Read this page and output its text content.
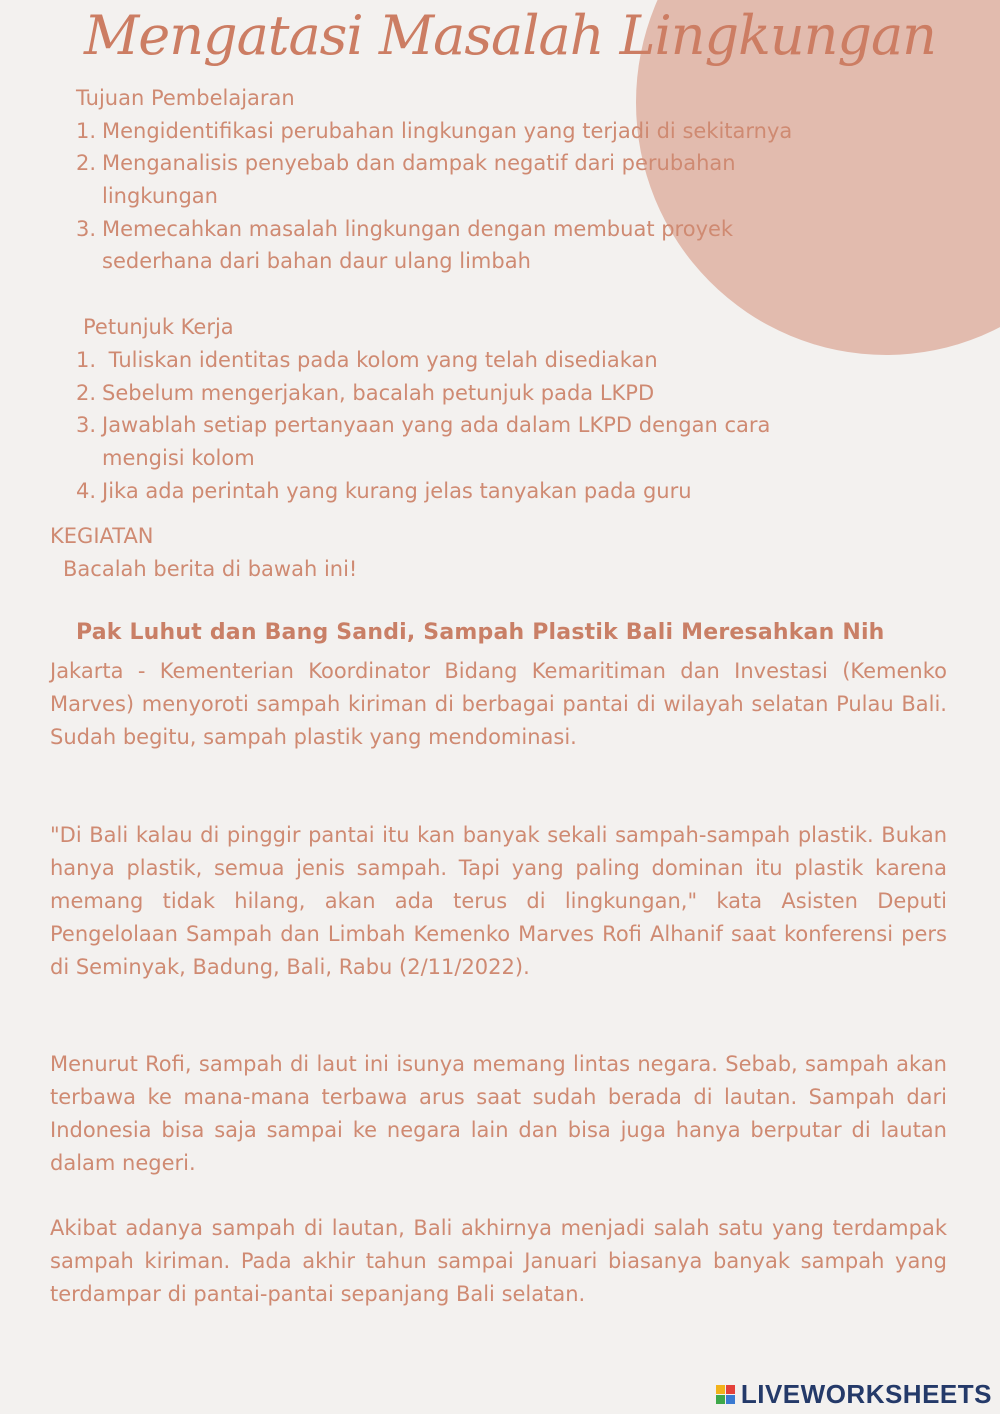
Mengatasi Masalah Lingkungan
Tujuan Pembelajaran
1. Mengidentifikasi perubahan lingkungan yang terjadi di sekitarnya
2. Menganalisis penyebab dan dampak negatif dari perubahan
lingkungan
3. Memecahkan masalah lingkungan dengan membuat proyek
sederhana dari bahan daur ulang limbah
Petunjuk Kerja
1. Tuliskan identitas pada kolom yang telah disediakan
2. Sebelum mengerjakan, bacalah petunjuk pada LKPD
3. Jawablah setiap pertanyaan yang ada dalam LKPD dengan cara
mengisi kolom
4. Jika ada perintah yang kurang jelas tanyakan pada guru
KEGIATAN
Bacalah berita di bawah ini!
Pak Luhut dan Bang Sandi, Sampah Plastik Bali Meresahkan Nih

Jakarta - Kementerian Koordinator Bidang Kemaritiman dan Investasi (Kemenko Marves) menyoroti sampah kiriman di berbagai pantai di wilayah selatan Pulau Bali. Sudah begitu, sampah plastik yang mendominasi.

"Di Bali kalau di pinggir pantai itu kan banyak sekali sampah-sampah plastik. Bukan hanya plastik, semua jenis sampah. Tapi yang paling dominan itu plastik karena memang tidak hilang, akan ada terus di lingkungan," kata Asisten Deputi Pengelolaan Sampah dan Limbah Kemenko Marves Rofi Alhanif saat konferensi pers di Seminyak, Badung, Bali, Rabu (2/11/2022).

Menurut Rofi, sampah di laut ini isunya memang lintas negara. Sebab, sampah akan terbawa ke mana-mana terbawa arus saat sudah berada di lautan. Sampah dari Indonesia bisa saja sampai ke negara lain dan bisa juga hanya berputar di lautan dalam negeri.

Akibat adanya sampah di lautan, Bali akhirnya menjadi salah satu yang terdampak sampah kiriman. Pada akhir tahun sampai Januari biasanya banyak sampah yang terdampar di pantai-pantai sepanjang Bali selatan.

LIVEWORKSHEETS
